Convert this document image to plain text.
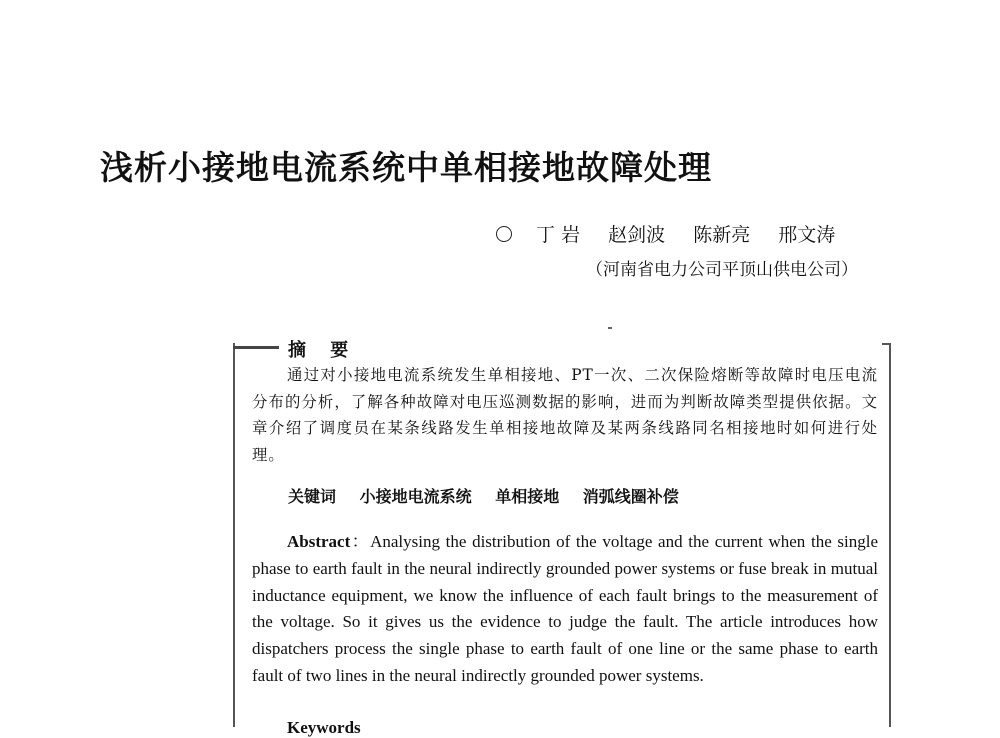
浅析小接地电流系统中单相接地故障处理
丁 岩 赵剑波 陈新亮 邢文涛
（河南省电力公司平顶山供电公司）
摘 要
通过对小接地电流系统发生单相接地、PT一次、二次保险熔断等故障时电压电流分布的分析，了解各种故障对电压巡测数据的影响，进而为判断故障类型提供依据。文章介绍了调度员在某条线路发生单相接地故障及某两条线路同名相接地时如何进行处理。
关键词 小接地电流系统 单相接地 消弧线圈补偿
Abstract：Analysing the distribution of the voltage and the current when the single phase to earth fault in the neural indirectly grounded power systems or fuse break in mutual inductance equipment, we know the influence of each fault brings to the measurement of the voltage. So it gives us the evidence to judge the fault. The article introduces how dispatchers process the single phase to earth fault of one line or the same phase to earth fault of two lines in the neural indirectly grounded power systems.
Keywords
